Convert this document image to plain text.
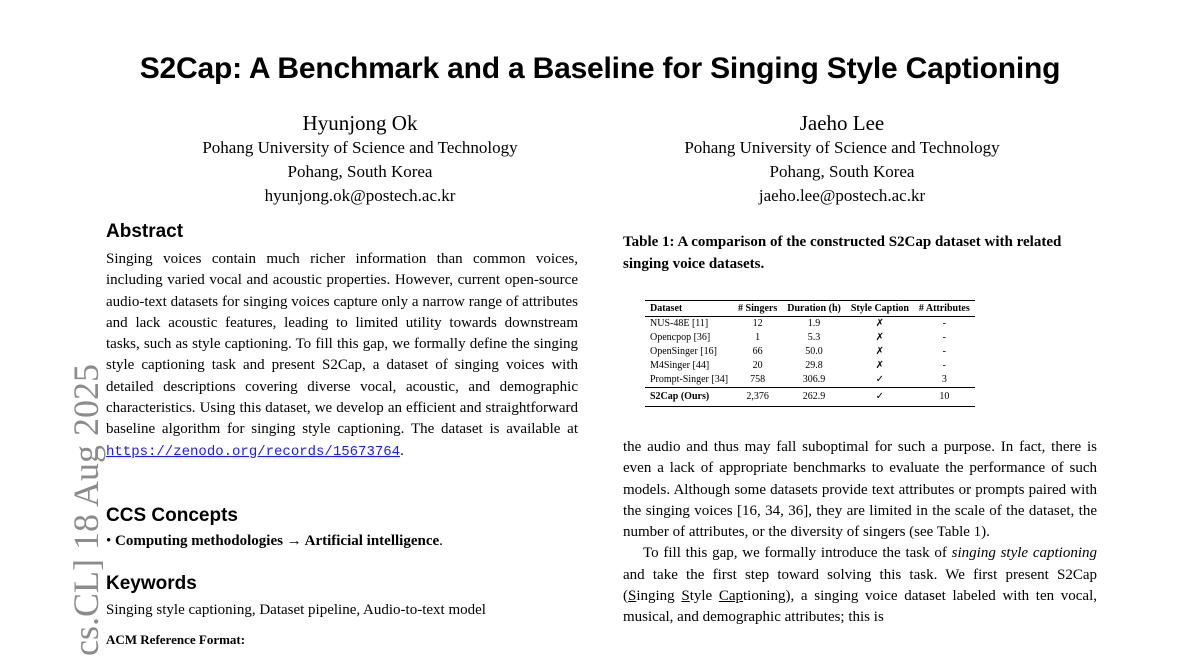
S2Cap: A Benchmark and a Baseline for Singing Style Captioning
Hyunjong Ok
Pohang University of Science and Technology
Pohang, South Korea
hyunjong.ok@postech.ac.kr
Jaeho Lee
Pohang University of Science and Technology
Pohang, South Korea
jaeho.lee@postech.ac.kr
cs.CL] 18 Aug 2025
Abstract
Singing voices contain much richer information than common voices, including varied vocal and acoustic properties. However, current open-source audio-text datasets for singing voices capture only a narrow range of attributes and lack acoustic features, leading to limited utility towards downstream tasks, such as style captioning. To fill this gap, we formally define the singing style captioning task and present S2Cap, a dataset of singing voices with detailed descriptions covering diverse vocal, acoustic, and demographic characteristics. Using this dataset, we develop an efficient and straightforward baseline algorithm for singing style captioning. The dataset is available at https://zenodo.org/records/15673764.
CCS Concepts
• Computing methodologies → Artificial intelligence.
Keywords
Singing style captioning, Dataset pipeline, Audio-to-text model
ACM Reference Format:
Table 1: A comparison of the constructed S2Cap dataset with related singing voice datasets.
Dataset	# Singers	Duration (h)	Style Caption	# Attributes
NUS-48E [11]	12	1.9	✗	-
Opencpop [36]	1	5.3	✗	-
OpenSinger [16]	66	50.0	✗	-
M4Singer [44]	20	29.8	✗	-
Prompt-Singer [34]	758	306.9	✓	3
S2Cap (Ours)	2,376	262.9	✓	10

the audio and thus may fall suboptimal for such a purpose. In fact, there is even a lack of appropriate benchmarks to evaluate the performance of such models. Although some datasets provide text attributes or prompts paired with the singing voices [16, 34, 36], they are limited in the scale of the dataset, the number of attributes, or the diversity of singers (see Table 1).

To fill this gap, we formally introduce the task of singing style captioning and take the first step toward solving this task. We first present S2Cap (Singing Style Captioning), a singing voice dataset labeled with ten vocal, musical, and demographic attributes; this is
